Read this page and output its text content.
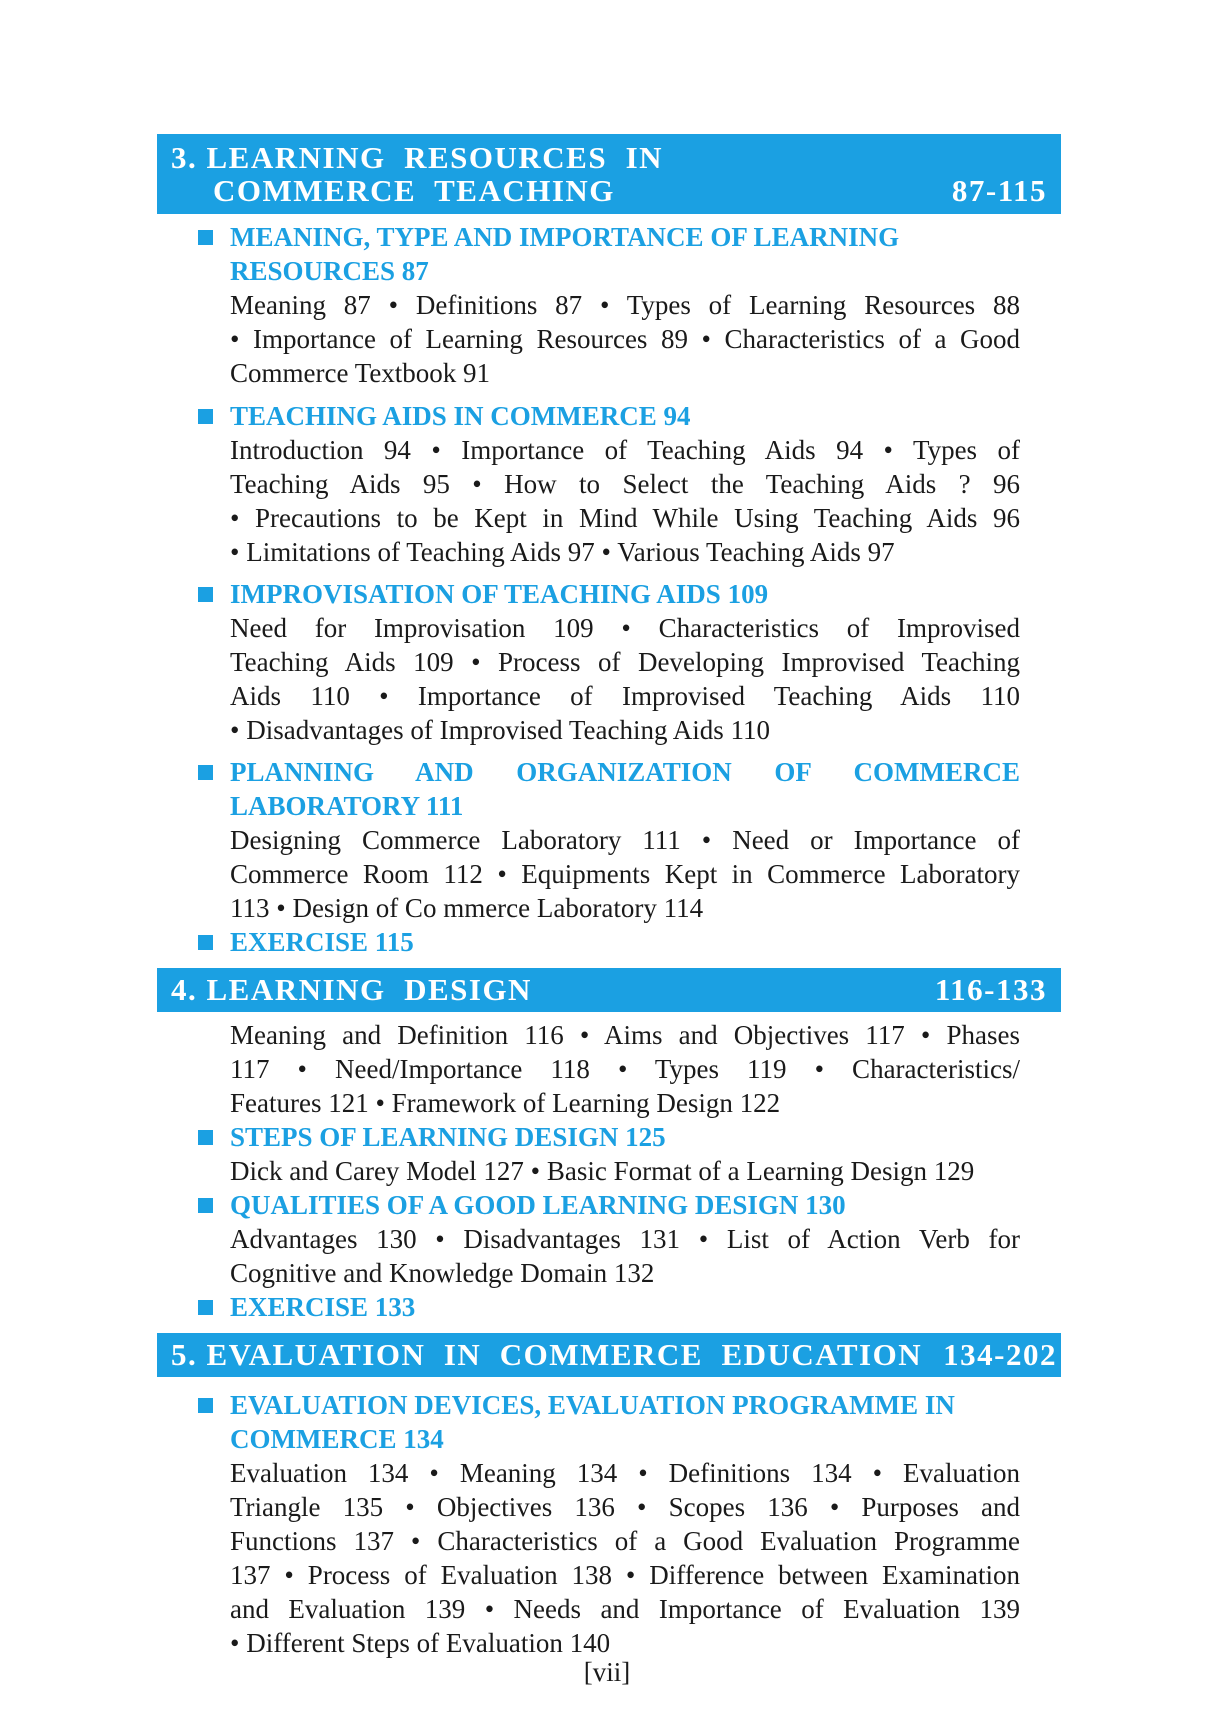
3. LEARNING  RESOURCES  IN
COMMERCE  TEACHING	87-115
MEANING, TYPE AND IMPORTANCE OF LEARNING
RESOURCES 87
Meaning 87 • Definitions 87 • Types of Learning Resources 88
• Importance of Learning Resources 89 • Characteristics of a Good
Commerce Textbook 91
TEACHING AIDS IN COMMERCE 94
Introduction 94 • Importance of Teaching Aids 94 • Types of
Teaching Aids 95 • How to Select the Teaching Aids ? 96
• Precautions to be Kept in Mind While Using Teaching Aids 96
• Limitations of Teaching Aids 97 • Various Teaching Aids 97
IMPROVISATION OF TEACHING AIDS 109
Need for Improvisation 109 • Characteristics of Improvised
Teaching Aids 109 • Process of Developing Improvised Teaching
Aids 110 • Importance of Improvised Teaching Aids 110
• Disadvantages of Improvised Teaching Aids 110
PLANNING AND ORGANIZATION OF COMMERCE
LABORATORY 111
Designing Commerce Laboratory 111 • Need or Importance of
Commerce Room 112 • Equipments Kept in Commerce Laboratory
113 • Design of Co mmerce Laboratory 114
EXERCISE 115
4. LEARNING  DESIGN	116-133
Meaning and Definition 116 • Aims and Objectives 117 • Phases
117 • Need/Importance 118 • Types 119 • Characteristics/
Features 121 • Framework of Learning Design 122
STEPS OF LEARNING DESIGN 125
Dick and Carey Model 127 • Basic Format of a Learning Design 129
QUALITIES OF A GOOD LEARNING DESIGN 130
Advantages 130 • Disadvantages 131 • List of Action Verb for
Cognitive and Knowledge Domain 132
EXERCISE 133
5. EVALUATION  IN  COMMERCE  EDUCATION 134-202
EVALUATION DEVICES, EVALUATION PROGRAMME IN
COMMERCE 134
Evaluation 134 • Meaning 134 • Definitions 134 • Evaluation
Triangle 135 • Objectives 136 • Scopes 136 • Purposes and
Functions 137 • Characteristics of a Good Evaluation Programme
137 • Process of Evaluation 138 • Difference between Examination
and Evaluation 139 • Needs and Importance of Evaluation 139
• Different Steps of Evaluation 140
[vii]
